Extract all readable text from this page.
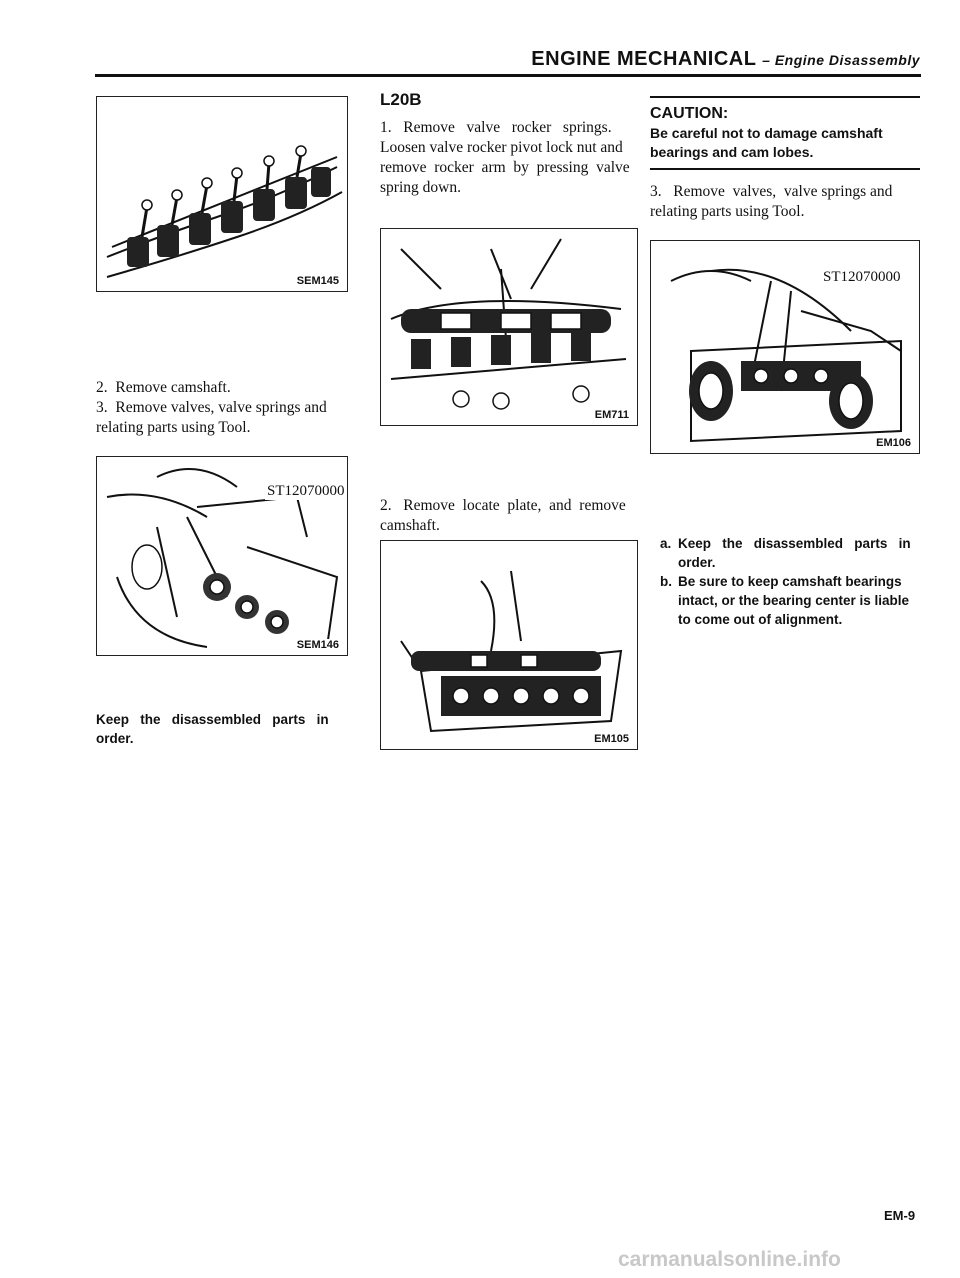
ENGINE MECHANICAL – Engine Disassembly
SEM145
2. Remove camshaft.
3. Remove valves, valve springs and
relating parts using Tool.
ST12070000
SEM146
Keep   the   disassembled   parts   in
order.
L20B
1.   Remove   valve   rocker   springs.
Loosen valve rocker pivot lock nut and
remove  rocker  arm  by  pressing  valve
spring down.
EM711
2.   Remove  locate  plate,  and  remove
camshaft.
EM105
CAUTION:
Be careful not to damage camshaft
bearings and cam lobes.
3.   Remove  valves,  valve springs and
relating parts using Tool.
ST12070000
EM106
a. Keep   the   disassembled   parts   in
order.
b. Be sure to keep camshaft bearings
intact, or the bearing center is liable
to come out of alignment.
EM-9
carmanualsonline.info
